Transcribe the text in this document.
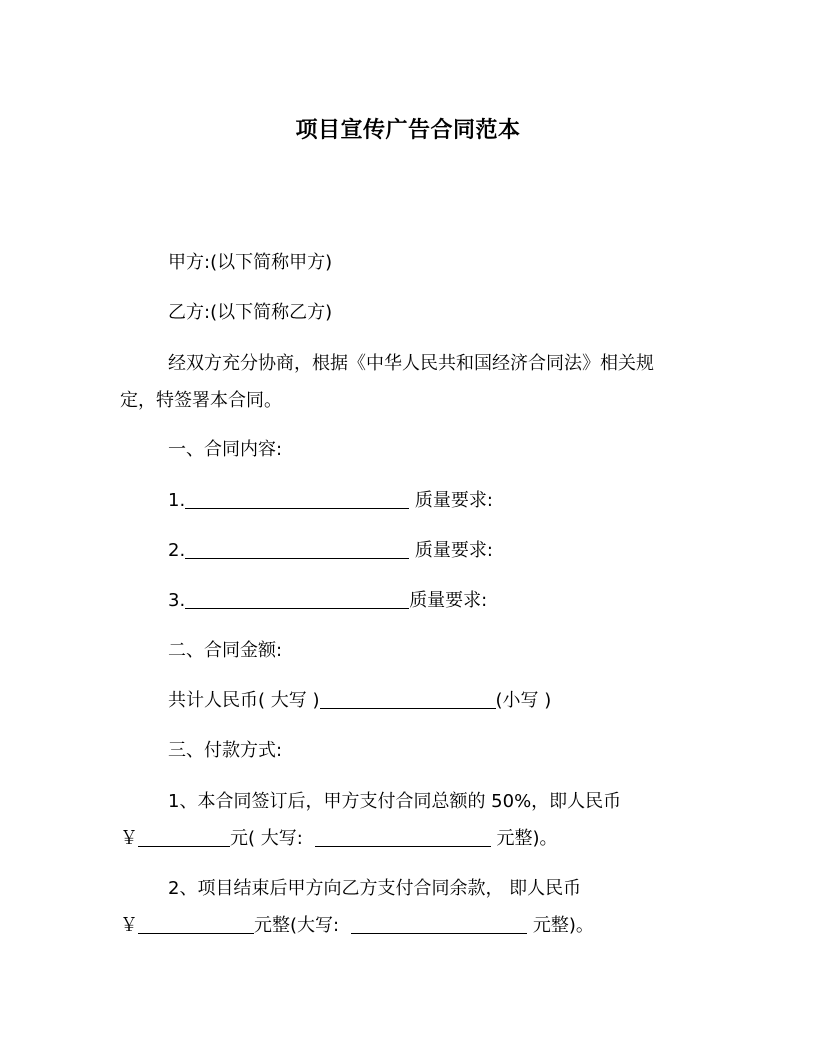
项目宣传广告合同范本
甲方:(以下简称甲方)
乙方:(以下简称乙方)
经双方充分协商，根据《中华人民共和国经济合同法》相关规
定，特签署本合同。
一、合同内容:
1.	质量要求:
2.	质量要求:
3.	质量要求:
二、合同金额:
共计人民币( 大写 )	(小写 )
三、付款方式:
1、本合同签订后，甲方支付合同总额的 50%，即人民币
￥	元( 大写:	元整)。
2、项目结束后甲方向乙方支付合同余款， 即人民币
￥	元整(大写:	元整)。
